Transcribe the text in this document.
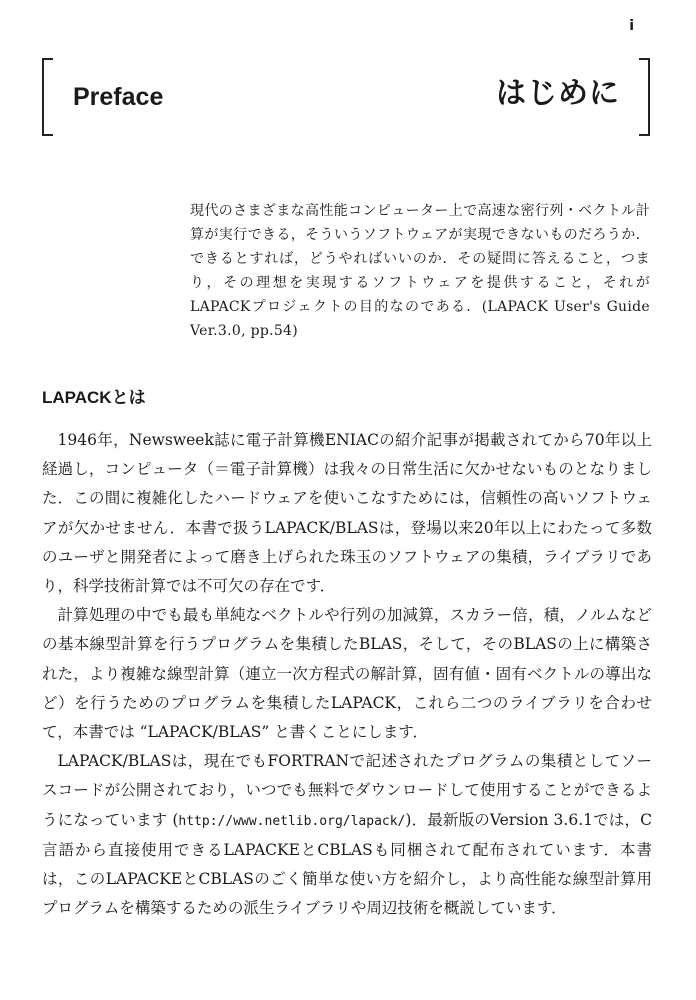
i
Preface	はじめに
現代のさまざまな高性能コンピューター上で高速な密行列・ベクトル計算が実行できる，そういうソフトウェアが実現できないものだろうか．できるとすれば，どうやればいいのか．その疑問に答えること，つまり，その理想を実現するソフトウェアを提供すること，それがLAPACKプロジェクトの目的なのである．(LAPACK User's Guide Ver.3.0, pp.54)
LAPACKとは

1946年，Newsweek誌に電子計算機ENIACの紹介記事が掲載されてから70年以上経過し，コンピュータ（＝電子計算機）は我々の日常生活に欠かせないものとなりました．この間に複雑化したハードウェアを使いこなすためには，信頼性の高いソフトウェアが欠かせません．本書で扱うLAPACK/BLASは，登場以来20年以上にわたって多数のユーザと開発者によって磨き上げられた珠玉のソフトウェアの集積，ライブラリであり，科学技術計算では不可欠の存在です．

計算処理の中でも最も単純なベクトルや行列の加減算，スカラー倍，積，ノルムなどの基本線型計算を行うプログラムを集積したBLAS，そして，そのBLASの上に構築された，より複雑な線型計算（連立一次方程式の解計算，固有値・固有ベクトルの導出など）を行うためのプログラムを集積したLAPACK，これら二つのライブラリを合わせて，本書では “LAPACK/BLAS” と書くことにします．

LAPACK/BLASは，現在でもFORTRANで記述されたプログラムの集積としてソースコードが公開されており，いつでも無料でダウンロードして使用することができるようになっています (http://www.netlib.org/lapack/)．最新版のVersion 3.6.1では，C言語から直接使用できるLAPACKEとCBLASも同梱されて配布されています．本書は，このLAPACKEとCBLASのごく簡単な使い方を紹介し，より高性能な線型計算用プログラムを構築するための派生ライブラリや周辺技術を概説しています．
